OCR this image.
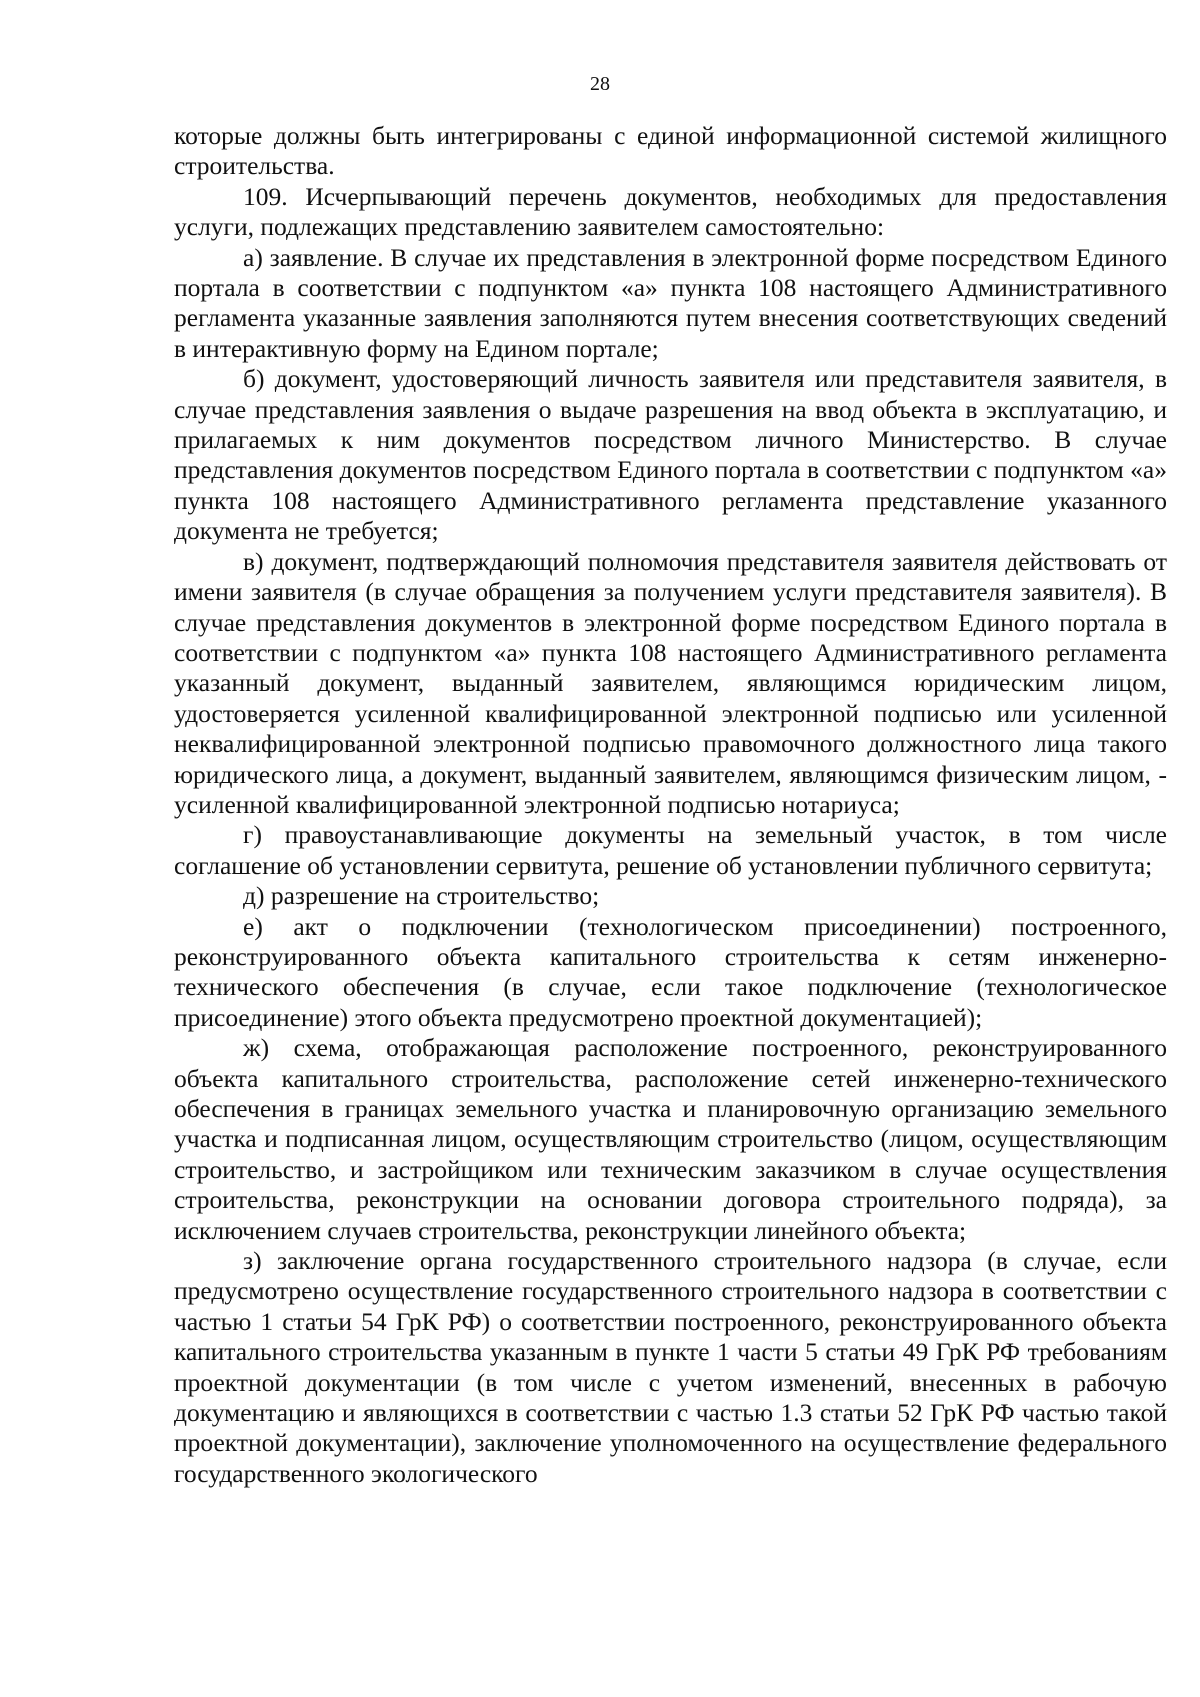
28

которые должны быть интегрированы с единой информационной системой жилищного строительства.

109. Исчерпывающий перечень документов, необходимых для предоставления услуги, подлежащих представлению заявителем самостоятельно:

а) заявление. В случае их представления в электронной форме посредством Единого портала в соответствии с подпунктом «а» пункта 108 настоящего Административного регламента указанные заявления заполняются путем внесения соответствующих сведений в интерактивную форму на Едином портале;

б) документ, удостоверяющий личность заявителя или представителя заявителя, в случае представления заявления о выдаче разрешения на ввод объекта в эксплуатацию, и прилагаемых к ним документов посредством личного Министерство. В случае представления документов посредством Единого портала в соответствии с подпунктом «а» пункта 108 настоящего Административного регламента представление указанного документа не требуется;

в) документ, подтверждающий полномочия представителя заявителя действовать от имени заявителя (в случае обращения за получением услуги представителя заявителя). В случае представления документов в электронной форме посредством Единого портала в соответствии с подпунктом «а» пункта 108 настоящего Административного регламента указанный документ, выданный заявителем, являющимся юридическим лицом, удостоверяется усиленной квалифицированной электронной подписью или усиленной неквалифицированной электронной подписью правомочного должностного лица такого юридического лица, а документ, выданный заявителем, являющимся физическим лицом, - усиленной квалифицированной электронной подписью нотариуса;

г) правоустанавливающие документы на земельный участок, в том числе соглашение об установлении сервитута, решение об установлении публичного сервитута;

д) разрешение на строительство;

е) акт о подключении (технологическом присоединении) построенного, реконструированного объекта капитального строительства к сетям инженерно-технического обеспечения (в случае, если такое подключение (технологическое присоединение) этого объекта предусмотрено проектной документацией);

ж) схема, отображающая расположение построенного, реконструированного объекта капитального строительства, расположение сетей инженерно-технического обеспечения в границах земельного участка и планировочную организацию земельного участка и подписанная лицом, осуществляющим строительство (лицом, осуществляющим строительство, и застройщиком или техническим заказчиком в случае осуществления строительства, реконструкции на основании договора строительного подряда), за исключением случаев строительства, реконструкции линейного объекта;

з) заключение органа государственного строительного надзора (в случае, если предусмотрено осуществление государственного строительного надзора в соответствии с частью 1 статьи 54 ГрК РФ) о соответствии построенного, реконструированного объекта капитального строительства указанным в пункте 1 части 5 статьи 49 ГрК РФ требованиям проектной документации (в том числе с учетом изменений, внесенных в рабочую документацию и являющихся в соответствии с частью 1.3 статьи 52 ГрК РФ частью такой проектной документации), заключение уполномоченного на осуществление федерального государственного экологического
